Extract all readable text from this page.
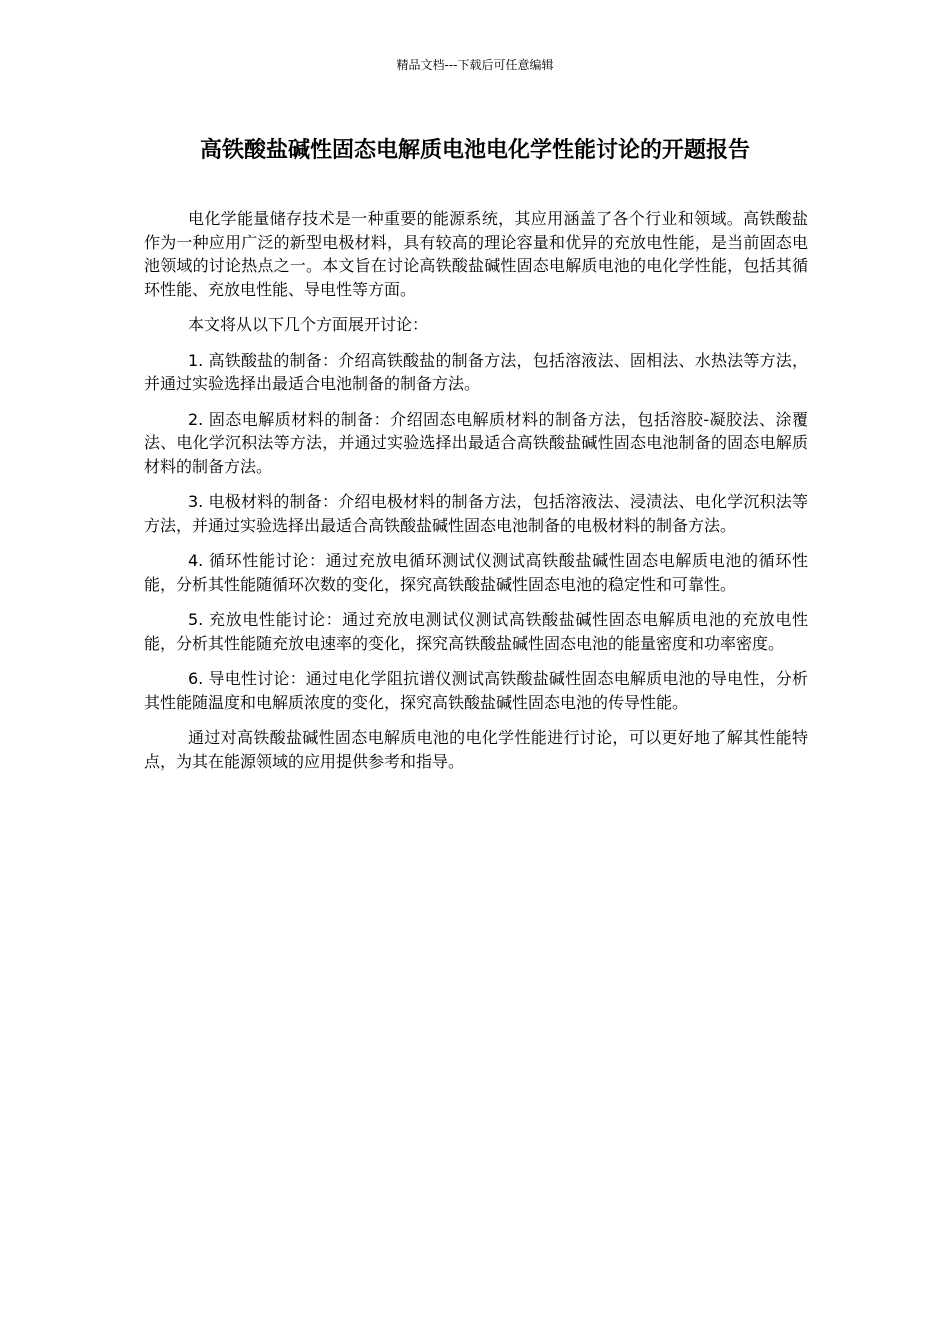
精品文档---下载后可任意编辑
高铁酸盐碱性固态电解质电池电化学性能讨论的开题报告

电化学能量储存技术是一种重要的能源系统，其应用涵盖了各个行业和领域。高铁酸盐作为一种应用广泛的新型电极材料，具有较高的理论容量和优异的充放电性能，是当前固态电池领域的讨论热点之一。本文旨在讨论高铁酸盐碱性固态电解质电池的电化学性能，包括其循环性能、充放电性能、导电性等方面。

本文将从以下几个方面展开讨论：

1. 高铁酸盐的制备：介绍高铁酸盐的制备方法，包括溶液法、固相法、水热法等方法，并通过实验选择出最适合电池制备的制备方法。

2. 固态电解质材料的制备：介绍固态电解质材料的制备方法，包括溶胶-凝胶法、涂覆法、电化学沉积法等方法，并通过实验选择出最适合高铁酸盐碱性固态电池制备的固态电解质材料的制备方法。

3. 电极材料的制备：介绍电极材料的制备方法，包括溶液法、浸渍法、电化学沉积法等方法，并通过实验选择出最适合高铁酸盐碱性固态电池制备的电极材料的制备方法。

4. 循环性能讨论：通过充放电循环测试仪测试高铁酸盐碱性固态电解质电池的循环性能，分析其性能随循环次数的变化，探究高铁酸盐碱性固态电池的稳定性和可靠性。

5. 充放电性能讨论：通过充放电测试仪测试高铁酸盐碱性固态电解质电池的充放电性能，分析其性能随充放电速率的变化，探究高铁酸盐碱性固态电池的能量密度和功率密度。

6. 导电性讨论：通过电化学阻抗谱仪测试高铁酸盐碱性固态电解质电池的导电性，分析其性能随温度和电解质浓度的变化，探究高铁酸盐碱性固态电池的传导性能。

通过对高铁酸盐碱性固态电解质电池的电化学性能进行讨论，可以更好地了解其性能特点，为其在能源领域的应用提供参考和指导。
